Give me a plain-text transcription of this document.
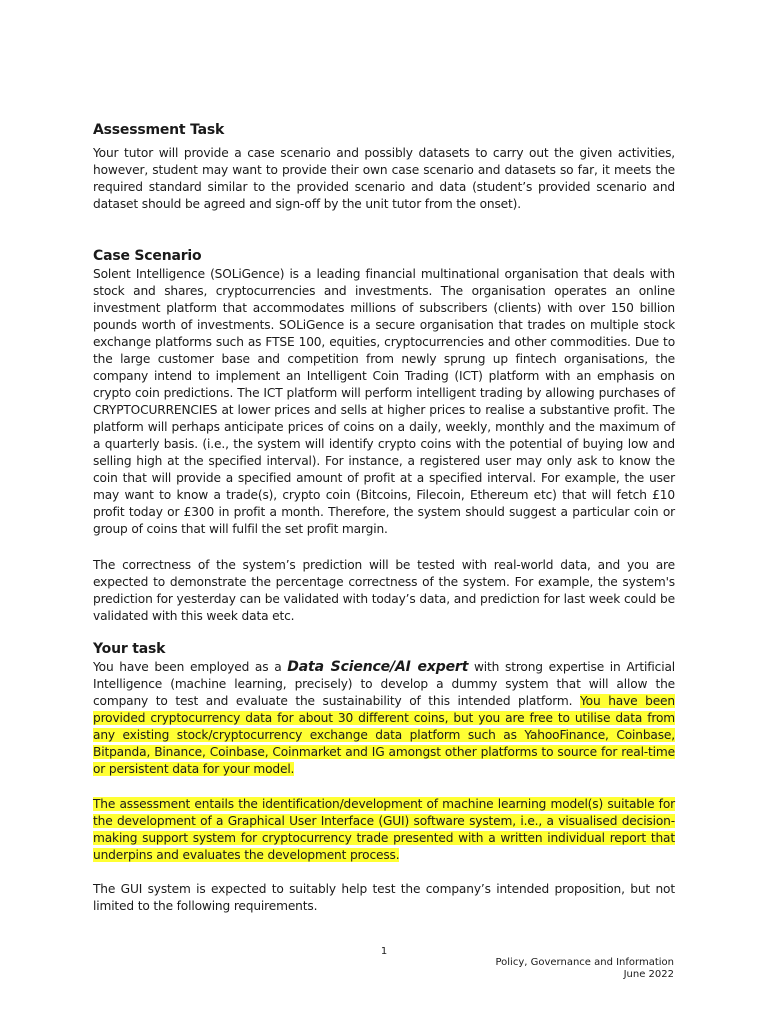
Assessment Task

Your tutor will provide a case scenario and possibly datasets to carry out the given activities, however, student may want to provide their own case scenario and datasets so far, it meets the required standard similar to the provided scenario and data (student’s provided scenario and dataset should be agreed and sign-off by the unit tutor from the onset).

Case Scenario

Solent Intelligence (SOLiGence) is a leading financial multinational organisation that deals with stock and shares, cryptocurrencies and investments. The organisation operates an online investment platform that accommodates millions of subscribers (clients) with over 150 billion pounds worth of investments. SOLiGence is a secure organisation that trades on multiple stock exchange platforms such as FTSE 100, equities, cryptocurrencies and other commodities. Due to the large customer base and competition from newly sprung up fintech organisations, the company intend to implement an Intelligent Coin Trading (ICT) platform with an emphasis on crypto coin predictions. The ICT platform will perform intelligent trading by allowing purchases of CRYPTOCURRENCIES at lower prices and sells at higher prices to realise a substantive profit. The platform will perhaps anticipate prices of coins on a daily, weekly, monthly and the maximum of a quarterly basis. (i.e., the system will identify crypto coins with the potential of buying low and selling high at the specified interval). For instance, a registered user may only ask to know the coin that will provide a specified amount of profit at a specified interval. For example, the user may want to know a trade(s), crypto coin (Bitcoins, Filecoin, Ethereum etc) that will fetch £10 profit today or £300 in profit a month. Therefore, the system should suggest a particular coin or group of coins that will fulfil the set profit margin.

The correctness of the system’s prediction will be tested with real-world data, and you are expected to demonstrate the percentage correctness of the system. For example, the system's prediction for yesterday can be validated with today’s data, and prediction for last week could be validated with this week data etc.

Your task

You have been employed as a Data Science/AI expert with strong expertise in Artificial Intelligence (machine learning, precisely) to develop a dummy system that will allow the company to test and evaluate the sustainability of this intended platform. You have been provided cryptocurrency data for about 30 different coins, but you are free to utilise data from any existing stock/cryptocurrency exchange data platform such as YahooFinance, Coinbase, Bitpanda, Binance, Coinbase, Coinmarket and IG amongst other platforms to source for real-time or persistent data for your model.

The assessment entails the identification/development of machine learning model(s) suitable for the development of a Graphical User Interface (GUI) software system, i.e., a visualised decision-making support system for cryptocurrency trade presented with a written individual report that underpins and evaluates the development process.

The GUI system is expected to suitably help test the company’s intended proposition, but not limited to the following requirements.

1
Policy, Governance and Information
June 2022
